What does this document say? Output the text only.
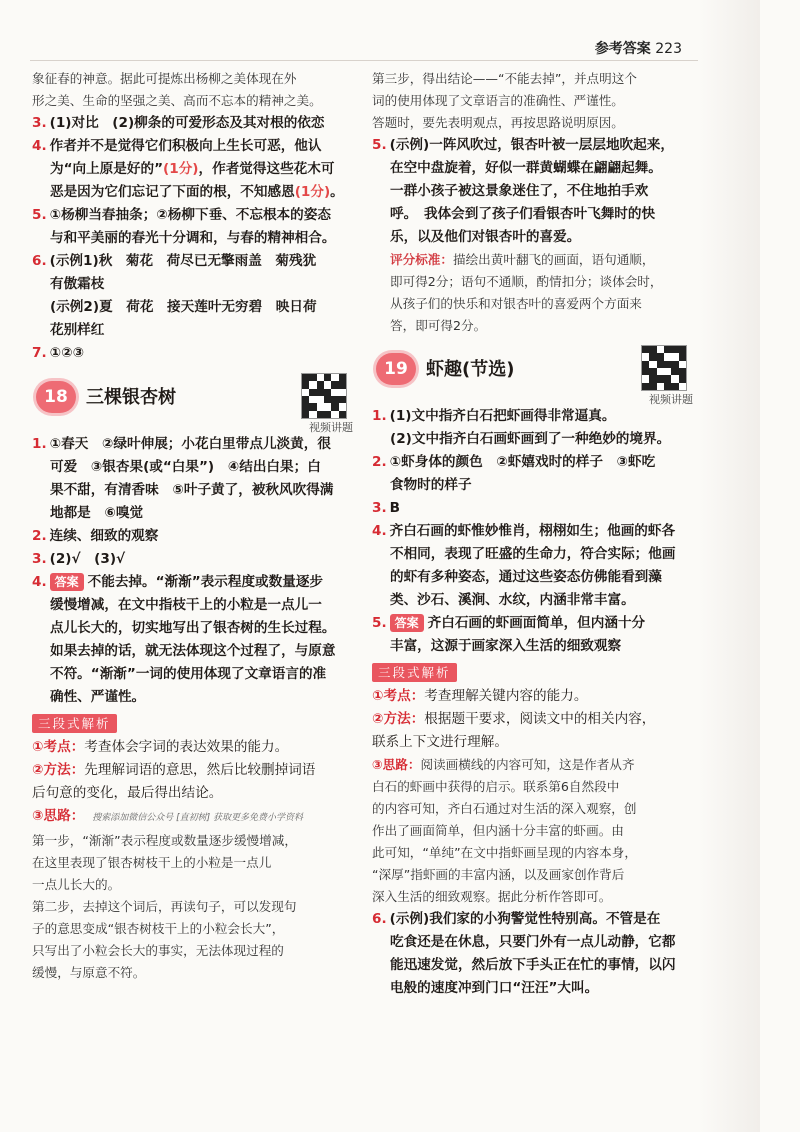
参考答案 223

象征春的神意。据此可提炼出杨柳之美体现在外

形之美、生命的坚强之美、高而不忘本的精神之美。

3. (1)对比　(2)柳条的可爱形态及其对根的依恋

4. 作者并不是觉得它们积极向上生长可恶，他认

为“向上原是好的”(1分)，作者觉得这些花木可

恶是因为它们忘记了下面的根，不知感恩(1分)。

5. ①杨柳当春抽条；②杨柳下垂、不忘根本的姿态

与和平美丽的春光十分调和，与春的精神相合。

6. (示例1)秋　菊花　荷尽已无擎雨盖　菊残犹

有傲霜枝

(示例2)夏　荷花　接天莲叶无穷碧　映日荷

花别样红

7. ①②③

18	三棵银杏树
视频讲题

1. ①春天　②绿叶伸展；小花白里带点儿淡黄，很

可爱　③银杏果(或“白果”)　④结出白果；白

果不甜，有清香味　⑤叶子黄了，被秋风吹得满

地都是　⑥嗅觉

2. 连续、细致的观察

3. (2)√　(3)√

4. 答案 不能去掉。“渐渐”表示程度或数量逐步

缓慢增减，在文中指枝干上的小粒是一点儿一

点儿长大的，切实地写出了银杏树的生长过程。

如果去掉的话，就无法体现这个过程了，与原意

不符。“渐渐”一词的使用体现了文章语言的准

确性、严谨性。

三段式解析

①考点：考查体会字词的表达效果的能力。

②方法：先理解词语的意思，然后比较删掉词语

后句意的变化，最后得出结论。

③思路： 搜索添加微信公众号 [直初树] 获取更多免费小学资料

第一步，“渐渐”表示程度或数量逐步缓慢增减，

在这里表现了银杏树枝干上的小粒是一点儿

一点儿长大的。

第二步，去掉这个词后，再读句子，可以发现句

子的意思变成“银杏树枝干上的小粒会长大”，

只写出了小粒会长大的事实，无法体现过程的

缓慢，与原意不符。

第三步，得出结论——“不能去掉”，并点明这个

词的使用体现了文章语言的准确性、严谨性。

答题时，要先表明观点，再按思路说明原因。

5. (示例)一阵风吹过，银杏叶被一层层地吹起来，

在空中盘旋着，好似一群黄蝴蝶在翩翩起舞。

一群小孩子被这景象迷住了，不住地拍手欢

呼。　我体会到了孩子们看银杏叶飞舞时的快

乐，以及他们对银杏叶的喜爱。

评分标准：描绘出黄叶翻飞的画面，语句通顺，

即可得2分；语句不通顺，酌情扣分；谈体会时，

从孩子们的快乐和对银杏叶的喜爱两个方面来

答，即可得2分。

19	虾趣(节选)
视频讲题

1. (1)文中指齐白石把虾画得非常逼真。

(2)文中指齐白石画虾画到了一种绝妙的境界。

2. ①虾身体的颜色　②虾嬉戏时的样子　③虾吃

食物时的样子

3. B

4. 齐白石画的虾惟妙惟肖，栩栩如生；他画的虾各

不相同，表现了旺盛的生命力，符合实际；他画

的虾有多种姿态，通过这些姿态仿佛能看到藻

类、沙石、溪涧、水纹，内涵非常丰富。

5. 答案 齐白石画的虾画面简单，但内涵十分

丰富，这源于画家深入生活的细致观察

三段式解析

①考点：考查理解关键内容的能力。

②方法：根据题干要求，阅读文中的相关内容，

联系上下文进行理解。

③思路：阅读画横线的内容可知，这是作者从齐

白石的虾画中获得的启示。联系第6自然段中

的内容可知，齐白石通过对生活的深入观察，创

作出了画面简单，但内涵十分丰富的虾画。由

此可知，“单纯”在文中指虾画呈现的内容本身，

“深厚”指虾画的丰富内涵，以及画家创作背后

深入生活的细致观察。据此分析作答即可。

6. (示例)我们家的小狗警觉性特别高。不管是在

吃食还是在休息，只要门外有一点儿动静，它都

能迅速发觉，然后放下手头正在忙的事情，以闪

电般的速度冲到门口“汪汪”大叫。
